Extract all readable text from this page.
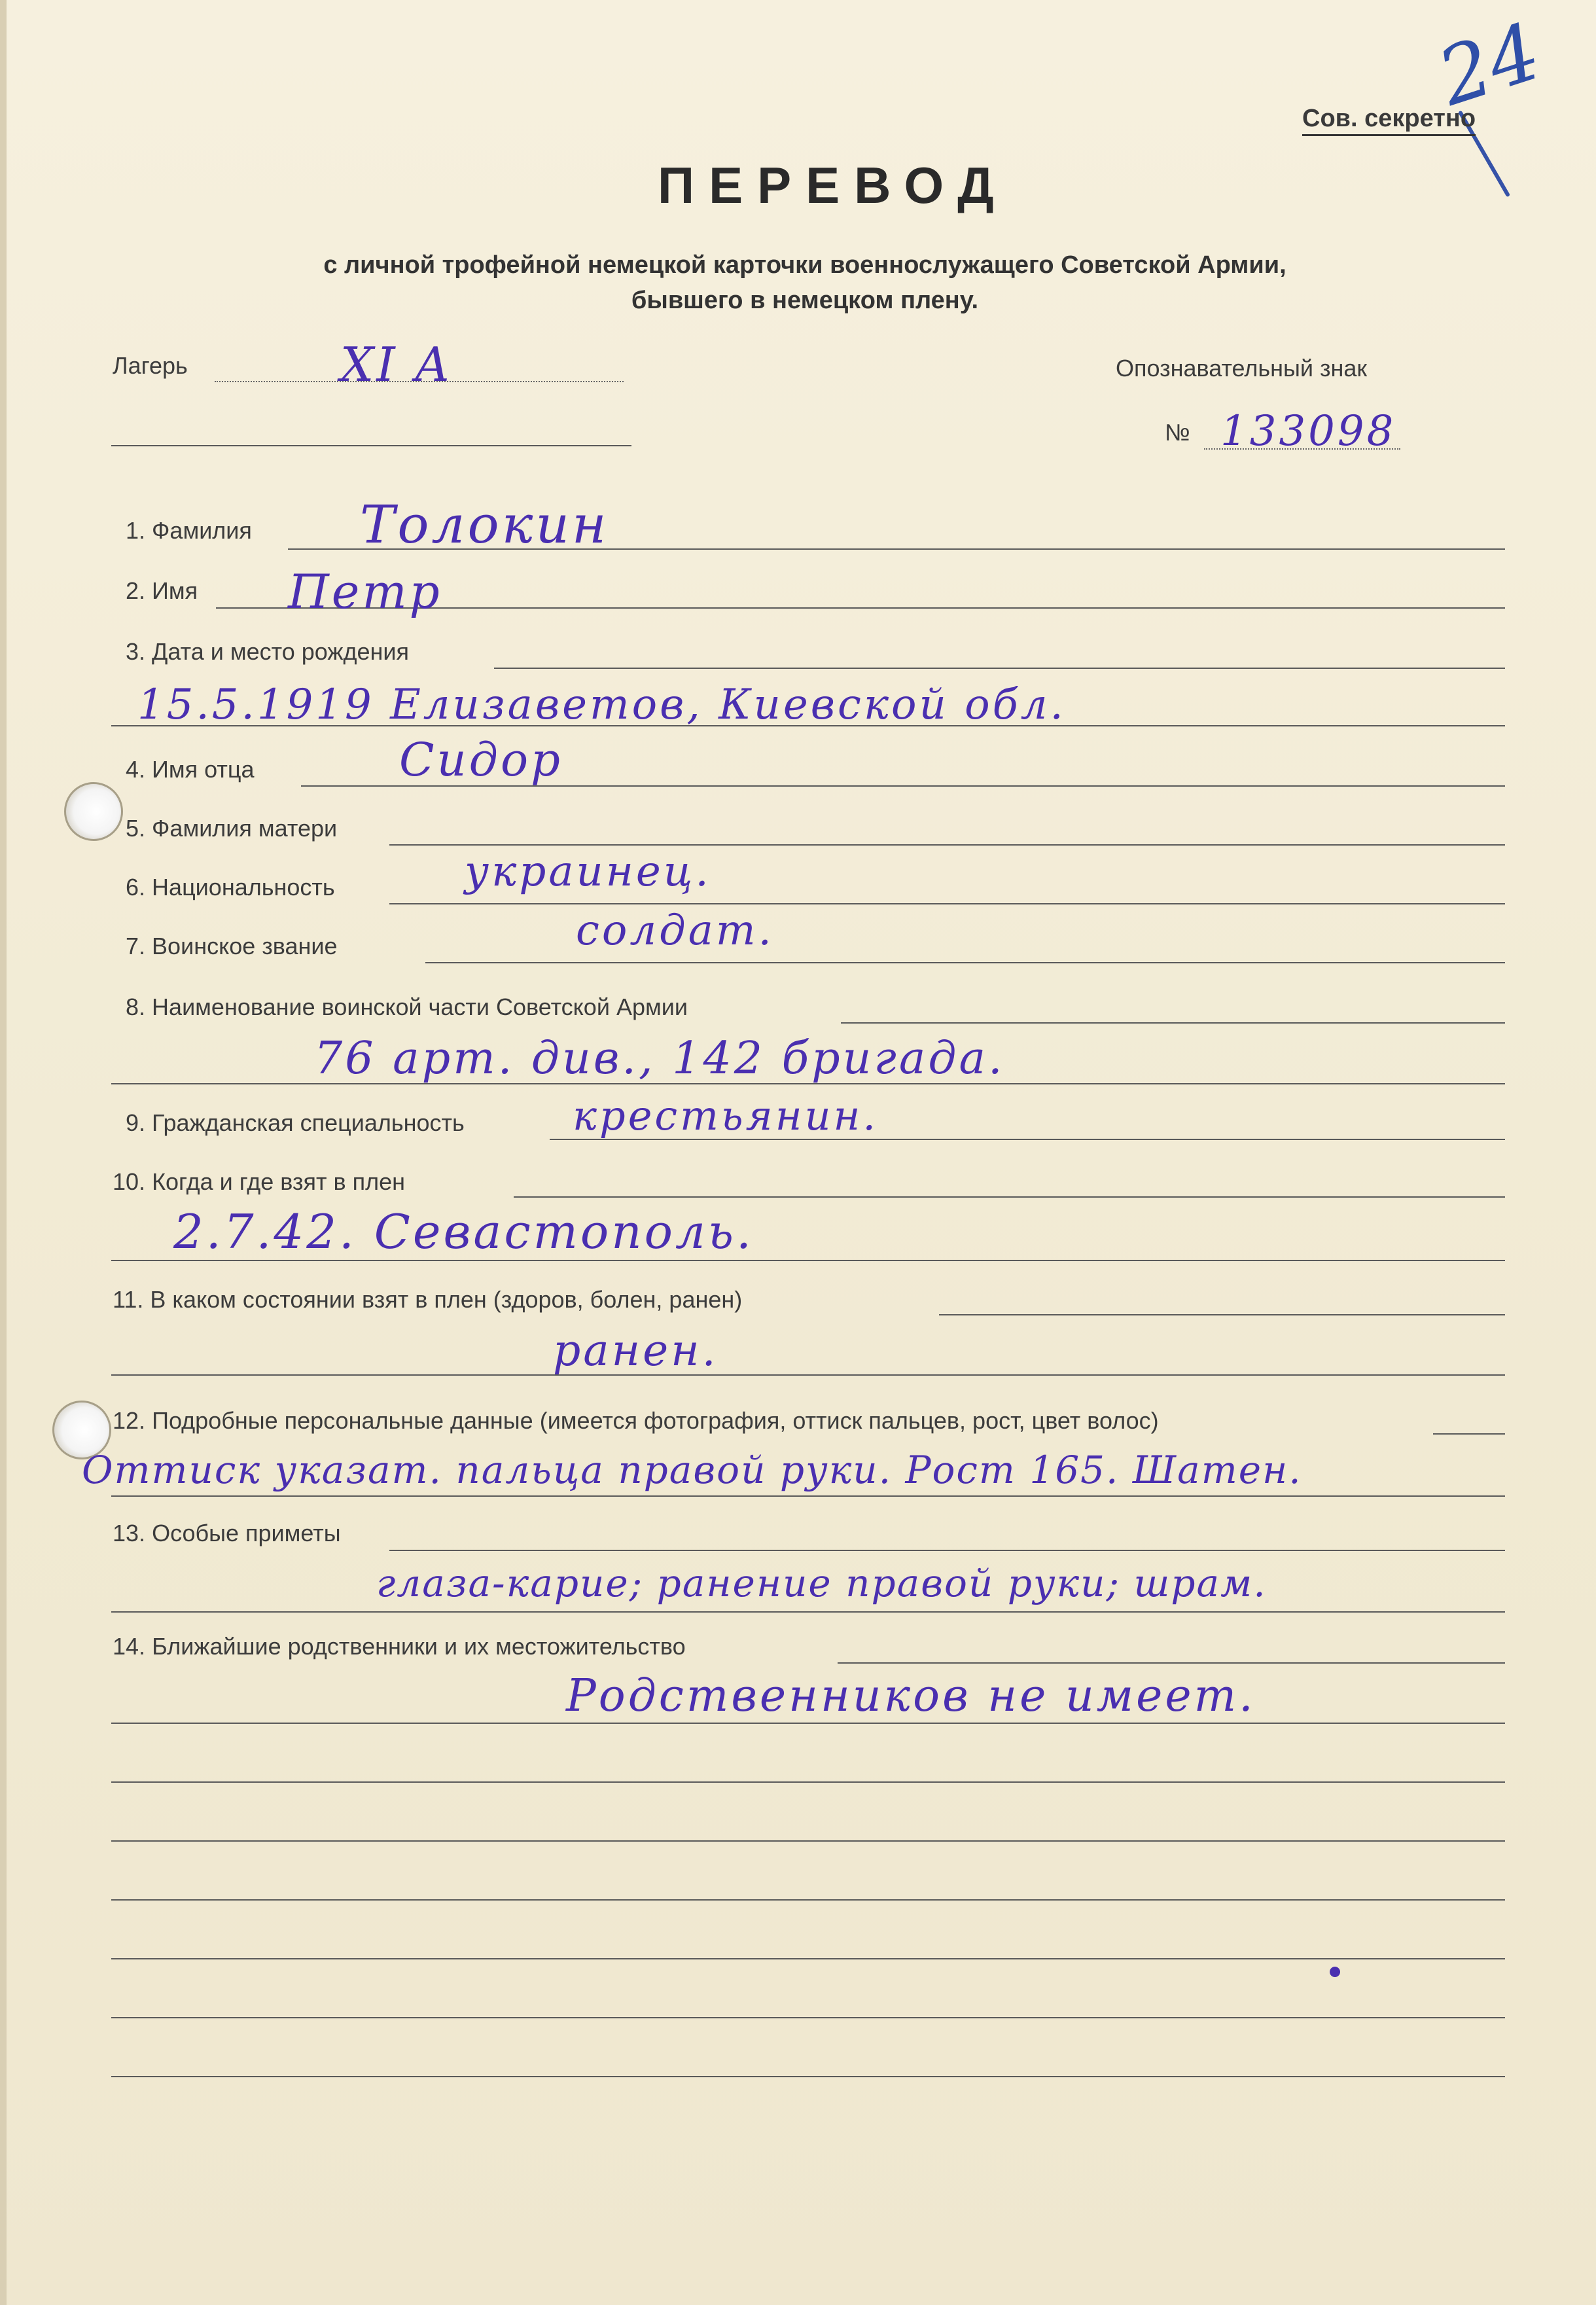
24
Сов. секретно
ПЕРЕВОД
с личной трофейной немецкой карточки военнослужащего Советской Армии,
бывшего в немецком плену.
Лагерь	XI A	Опознавательный знак
№ 133098
1. Фамилия Толокин
2. Имя Петр
3. Дата и место рождения
15.5.1919 Елизаветов, Киевской обл.
4. Имя отца	Сидор
5. Фамилия матери
6. Национальность	украинец.
7. Воинское звание	солдат.
8. Наименование воинской части Советской Армии
76 арт. див., 142 бригада.
9. Гражданская специальность	крестьянин.
10. Когда и где взят в плен
2.7.42. Севастополь.
11. В каком состоянии взят в плен (здоров, болен, ранен)
ранен.
12. Подробные персональные данные (имеется фотография, оттиск пальцев, рост, цвет волос)
Оттиск указат. пальца правой руки. Рост 165. Шатен.
13. Особые приметы
глаза-карие; ранение правой руки; шрам.
14. Ближайшие родственники и их местожительство
Родственников не имеет.
